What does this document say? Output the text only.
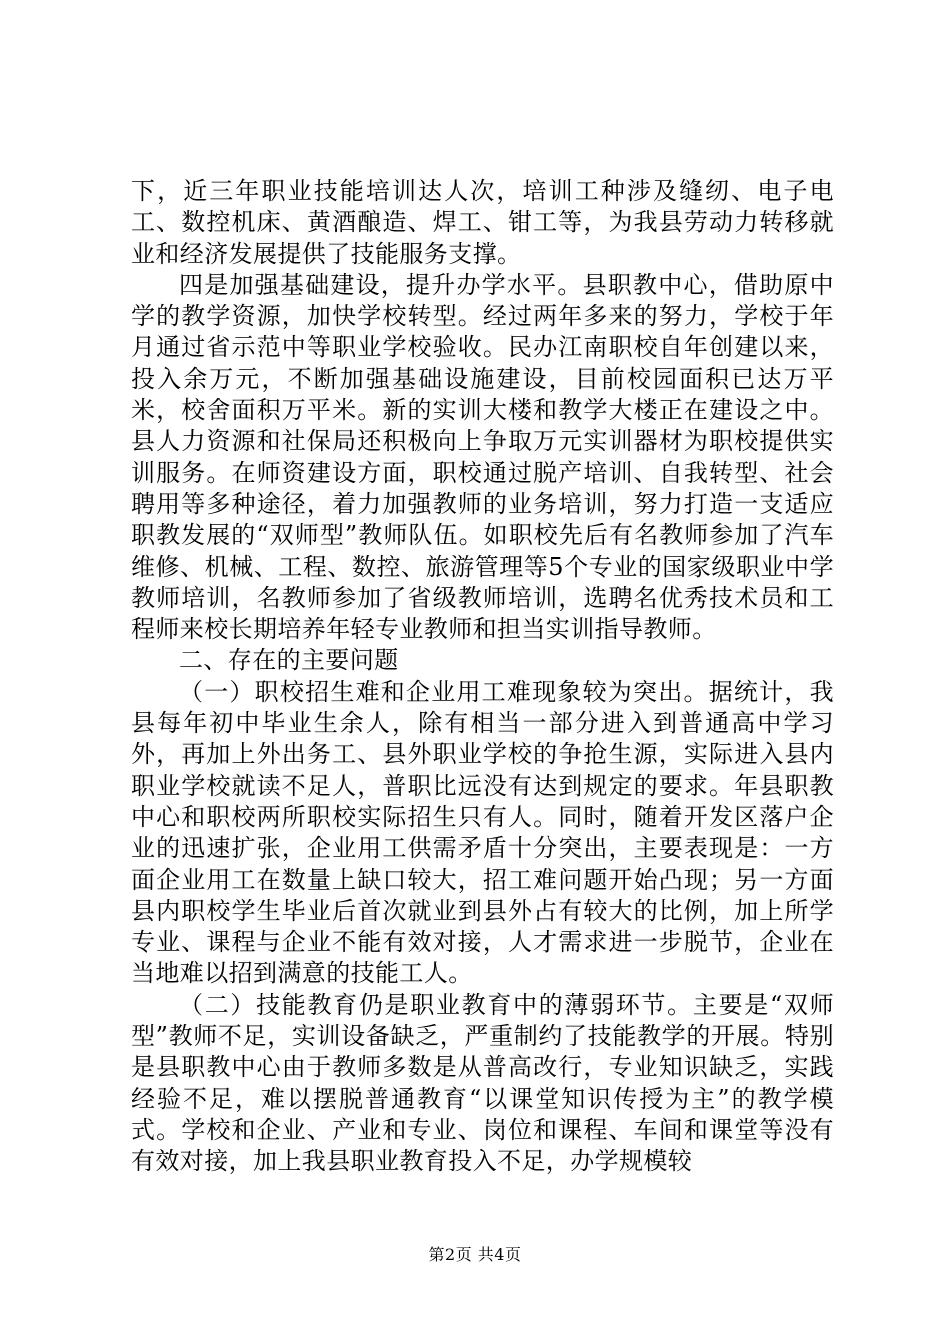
下，近三年职业技能培训达人次，培训工种涉及缝纫、电子电工、数控机床、黄酒酿造、焊工、钳工等，为我县劳动力转移就业和经济发展提供了技能服务支撑。

四是加强基础建设，提升办学水平。县职教中心，借助原中学的教学资源，加快学校转型。经过两年多来的努力，学校于年月通过省示范中等职业学校验收。民办江南职校自年创建以来，投入余万元，不断加强基础设施建设，目前校园面积已达万平米，校舍面积万平米。新的实训大楼和教学大楼正在建设之中。县人力资源和社保局还积极向上争取万元实训器材为职校提供实训服务。在师资建设方面，职校通过脱产培训、自我转型、社会聘用等多种途径，着力加强教师的业务培训，努力打造一支适应职教发展的“双师型”教师队伍。如职校先后有名教师参加了汽车维修、机械、工程、数控、旅游管理等5个专业的国家级职业中学教师培训，名教师参加了省级教师培训，选聘名优秀技术员和工程师来校长期培养年轻专业教师和担当实训指导教师。

二、存在的主要问题

（一）职校招生难和企业用工难现象较为突出。据统计，我县每年初中毕业生余人，除有相当一部分进入到普通高中学习外，再加上外出务工、县外职业学校的争抢生源，实际进入县内职业学校就读不足人，普职比远没有达到规定的要求。年县职教中心和职校两所职校实际招生只有人。同时，随着开发区落户企业的迅速扩张，企业用工供需矛盾十分突出，主要表现是：一方面企业用工在数量上缺口较大，招工难问题开始凸现；另一方面县内职校学生毕业后首次就业到县外占有较大的比例，加上所学专业、课程与企业不能有效对接，人才需求进一步脱节，企业在当地难以招到满意的技能工人。

（二）技能教育仍是职业教育中的薄弱环节。主要是“双师型”教师不足，实训设备缺乏，严重制约了技能教学的开展。特别是县职教中心由于教师多数是从普高改行，专业知识缺乏，实践经验不足，难以摆脱普通教育“以课堂知识传授为主”的教学模式。学校和企业、产业和专业、岗位和课程、车间和课堂等没有有效对接，加上我县职业教育投入不足，办学规模较

第2页 共4页
